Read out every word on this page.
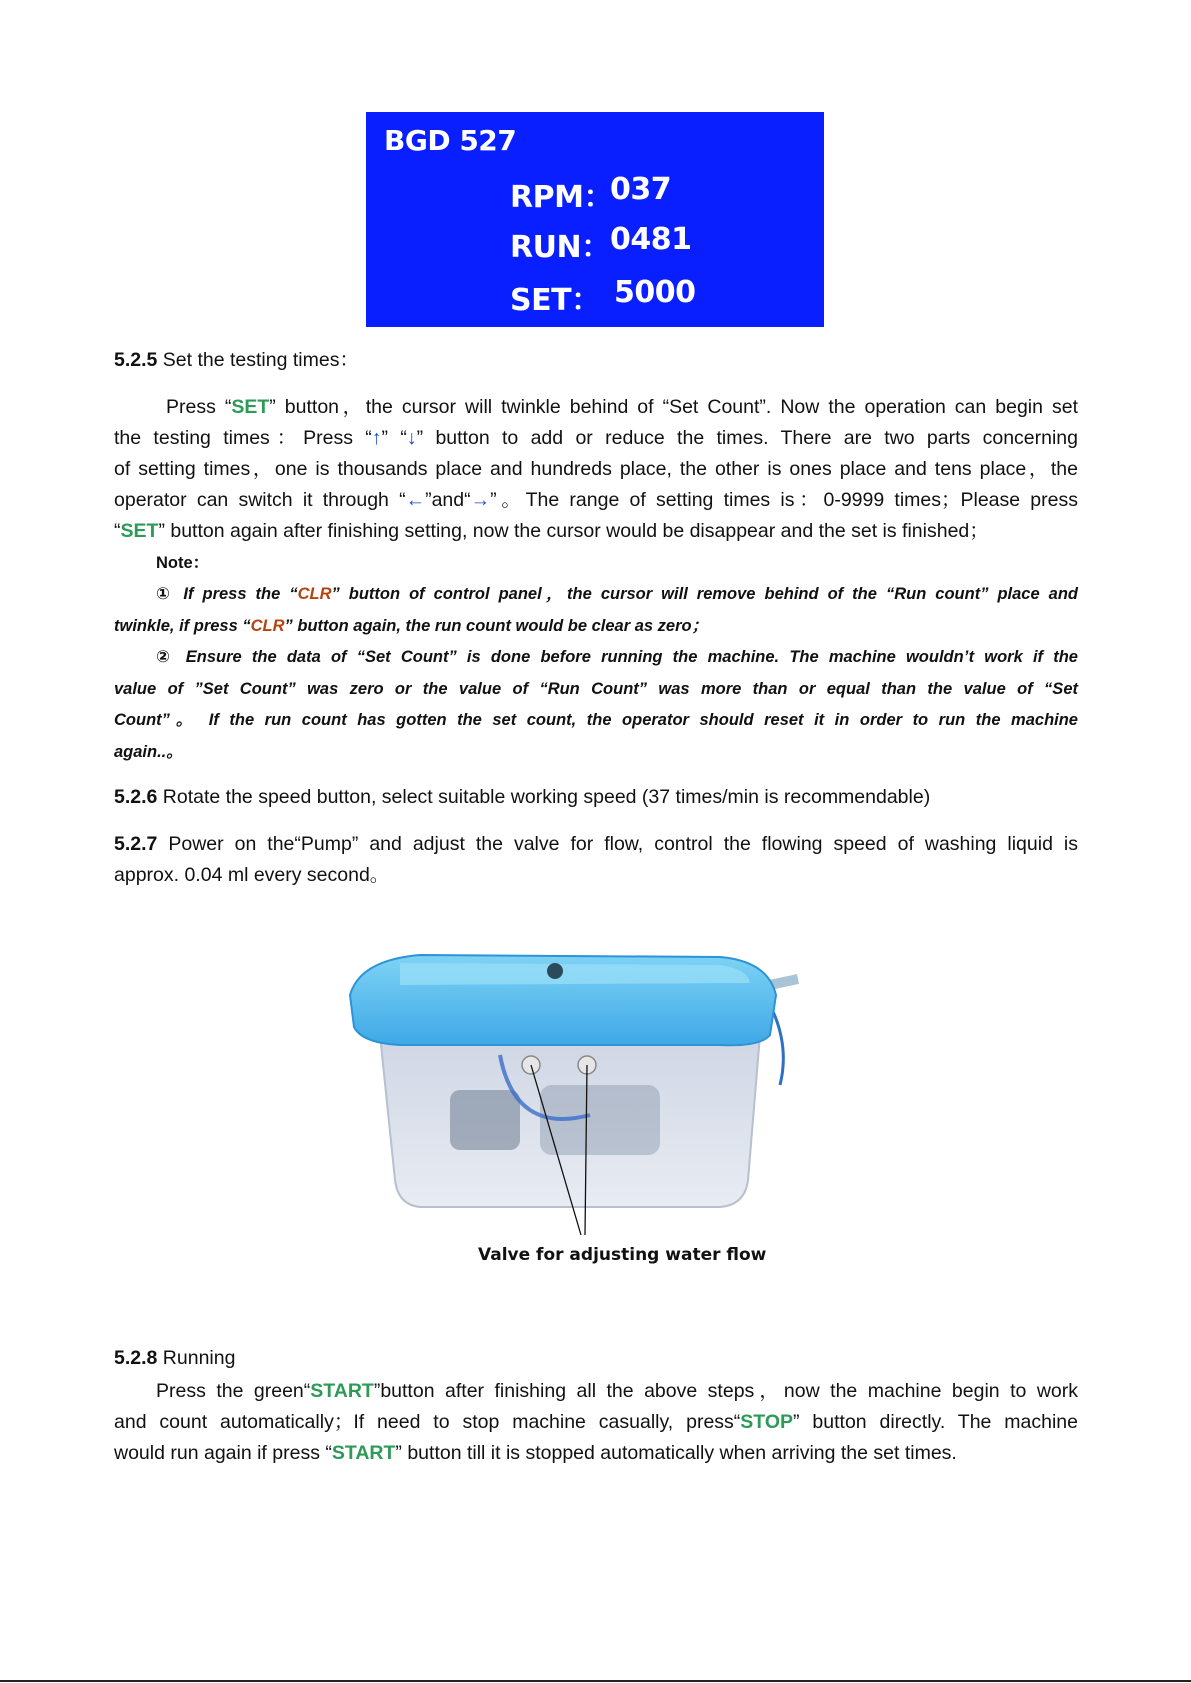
BGD 527
RPM：
037
RUN： 0481
SET： 5000
5.2.5 Set the testing times：
Press “SET” button，the cursor will twinkle behind of “Set Count”. Now the operation can begin set
the testing times：Press “↑” “↓” button to add or reduce the times. There are two parts concerning
of setting times，one is thousands place and hundreds place, the other is ones place and tens place，the
operator can switch it through “←”and“→”。The range of setting times is：0-9999 times；Please press
“SET” button again after finishing setting, now the cursor would be disappear and the set is finished；
Note：
① If press the “CLR” button of control panel，the cursor will remove behind of the “Run count” place and
twinkle, if press “CLR” button again, the run count would be clear as zero；
② Ensure the data of “Set Count” is done before running the machine. The machine wouldn’t work if the
value of ”Set Count” was zero or the value of “Run Count” was more than or equal than the value of “Set
Count”。 If the run count has gotten the set count, the operator should reset it in order to run the machine
again..。
5.2.6 Rotate the speed button, select suitable working speed (37 times/min is recommendable)
5.2.7 Power on the“Pump” and adjust the valve for flow, control the flowing speed of washing liquid is
approx. 0.04 ml every second。
Valve for adjusting water flow
5.2.8 Running
Press the green“START”button after finishing all the above steps，now the machine begin to work
and count automatically；If need to stop machine casually, press“STOP” button directly. The machine
would run again if press “START” button till it is stopped automatically when arriving the set times.
